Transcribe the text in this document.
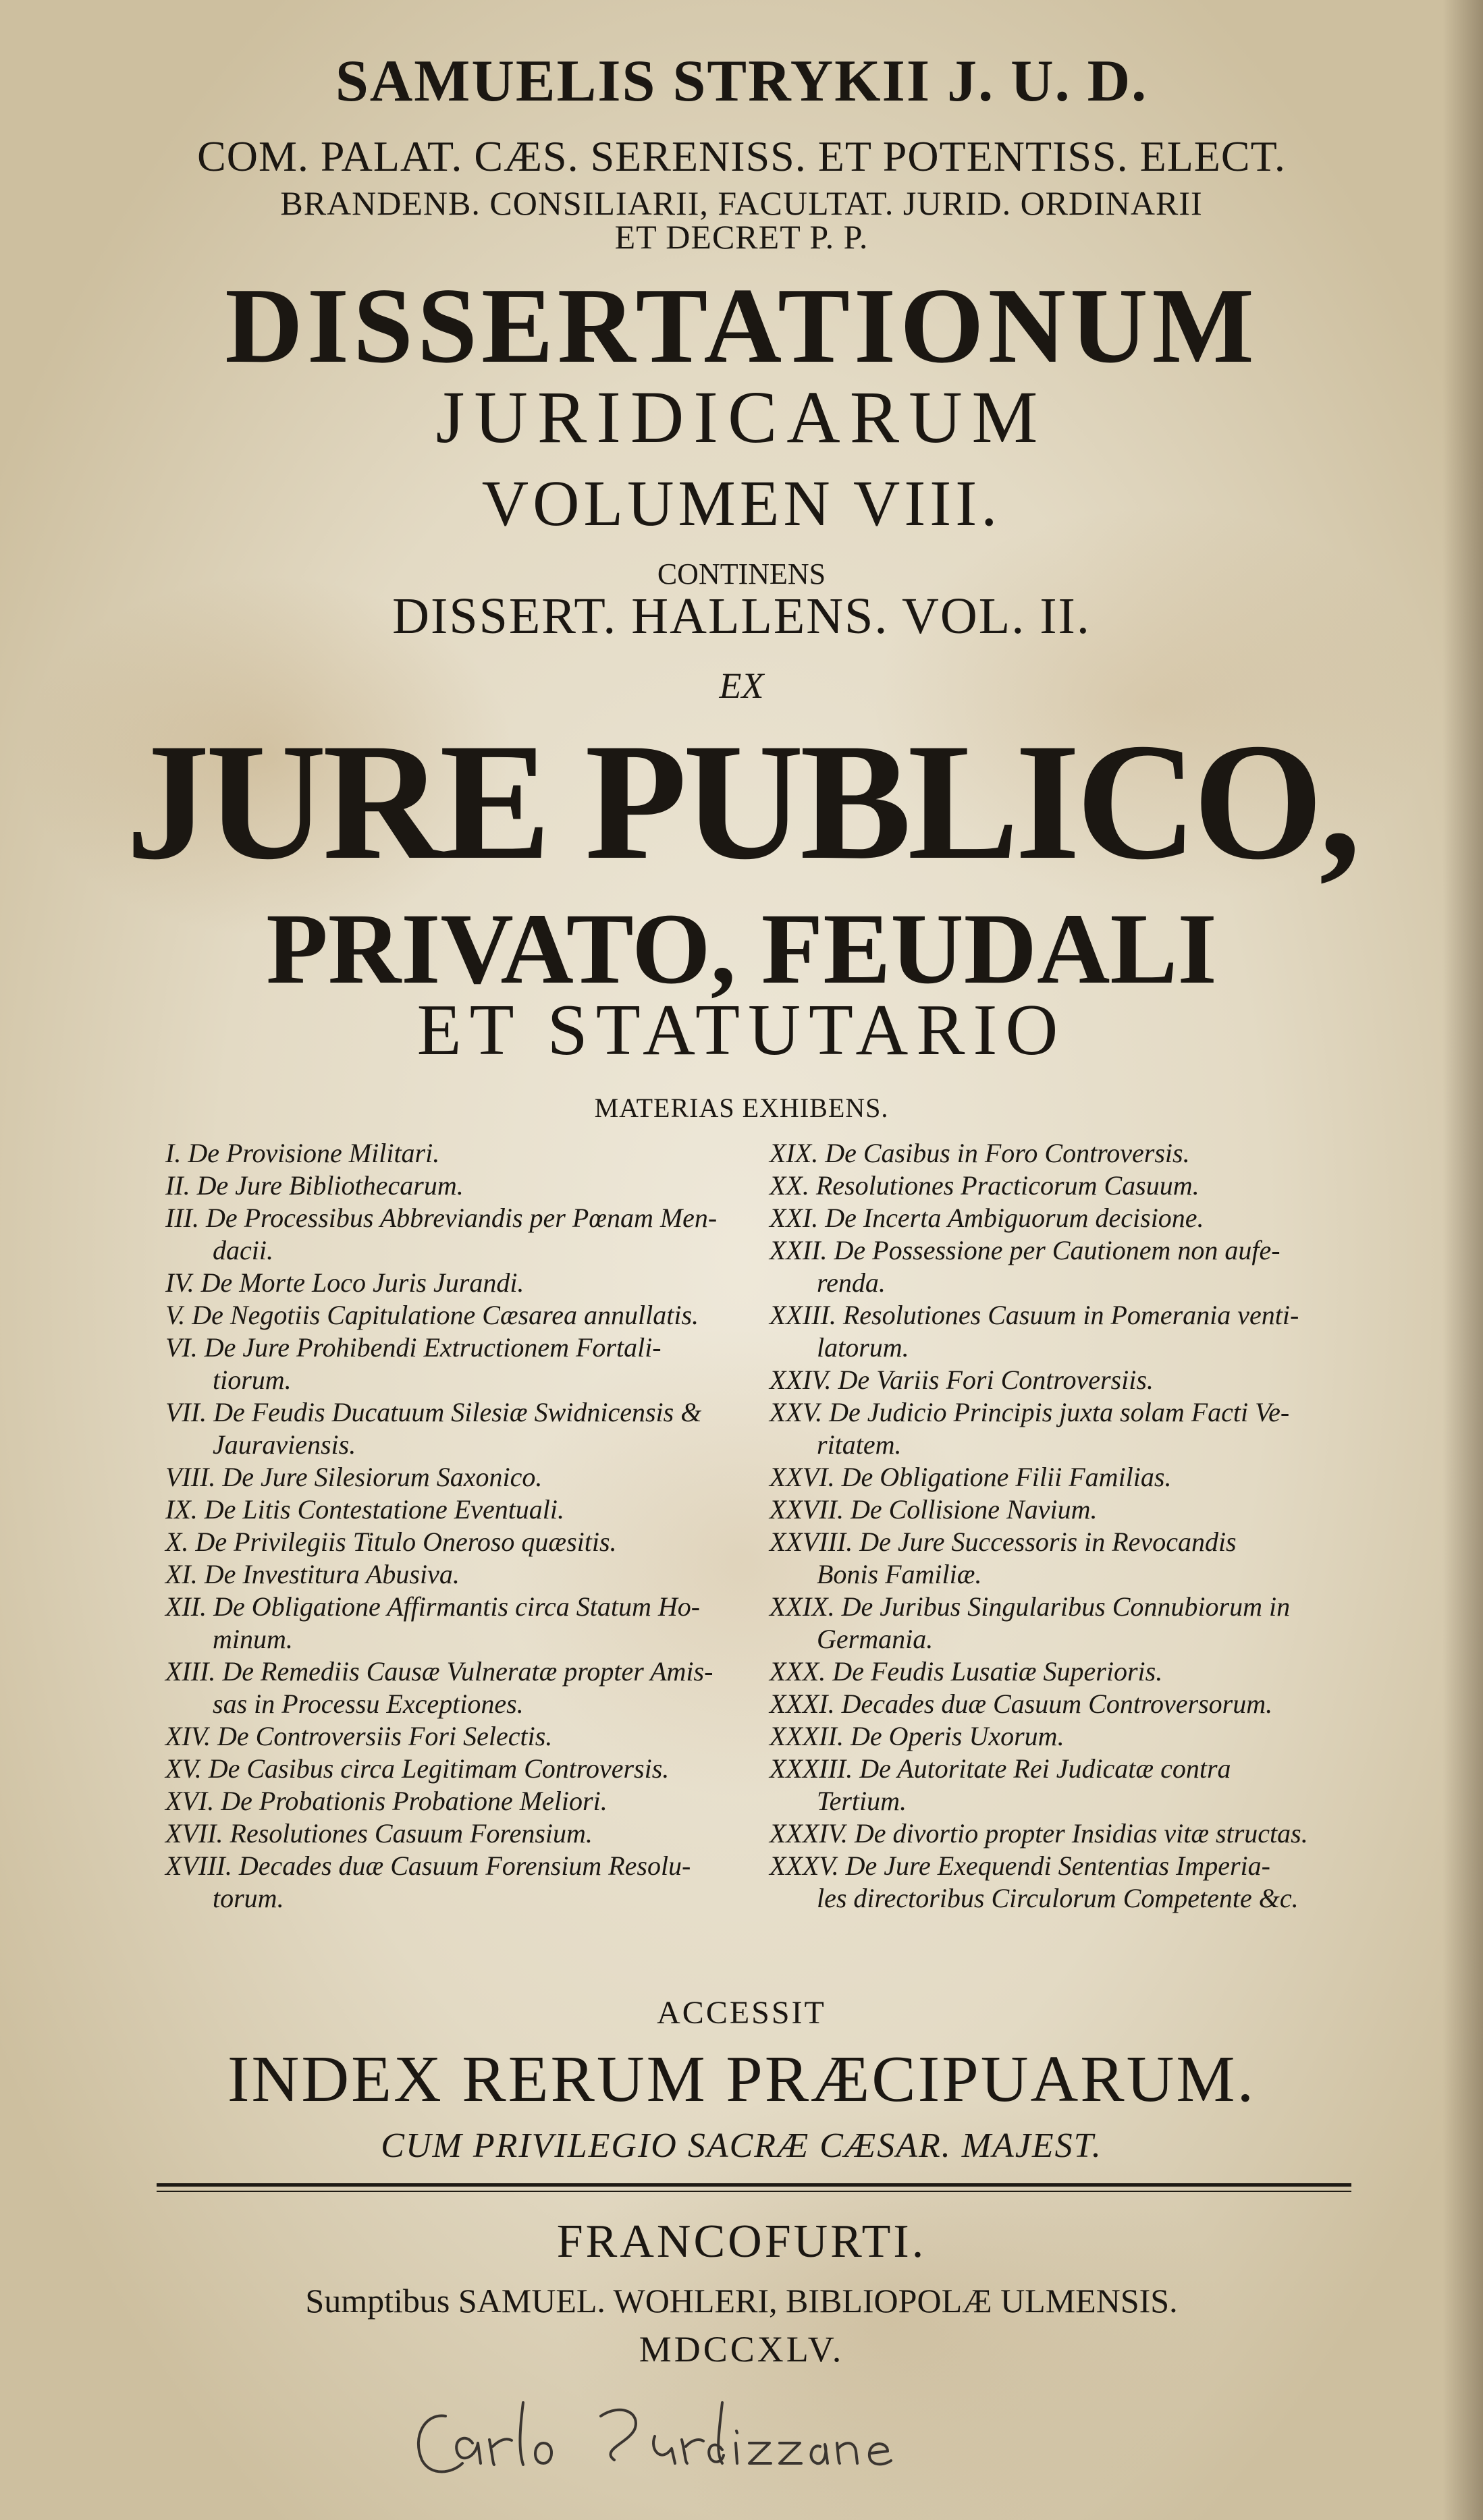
SAMUELIS STRYKII J. U. D.
COM. PALAT. CÆS. SERENISS. ET POTENTISS. ELECT.
BRANDENB. CONSILIARII, FACULTAT. JURID. ORDINARII
ET DECRET P. P.
DISSERTATIONUM
JURIDICARUM
VOLUMEN VIII.
CONTINENS
DISSERT. HALLENS. VOL. II.
EX
JURE PUBLICO,
PRIVATO, FEUDALI
ET STATUTARIO
MATERIAS EXHIBENS.
I. De Provisione Militari.
II. De Jure Bibliothecarum.
III. De Processibus Abbreviandis per Pœnam Men-
dacii.
IV. De Morte Loco Juris Jurandi.
V. De Negotiis Capitulatione Cæsarea annullatis.
VI. De Jure Prohibendi Extructionem Fortali-
tiorum.
VII. De Feudis Ducatuum Silesiæ Swidnicensis &
Jauraviensis.
VIII. De Jure Silesiorum Saxonico.
IX. De Litis Contestatione Eventuali.
X. De Privilegiis Titulo Oneroso quæsitis.
XI. De Investitura Abusiva.
XII. De Obligatione Affirmantis circa Statum Ho-
minum.
XIII. De Remediis Causæ Vulneratæ propter Amis-
sas in Processu Exceptiones.
XIV. De Controversiis Fori Selectis.
XV. De Casibus circa Legitimam Controversis.
XVI. De Probationis Probatione Meliori.
XVII. Resolutiones Casuum Forensium.
XVIII. Decades duæ Casuum Forensium Resolu-
torum.
XIX. De Casibus in Foro Controversis.
XX. Resolutiones Practicorum Casuum.
XXI. De Incerta Ambiguorum decisione.
XXII. De Possessione per Cautionem non aufe-
renda.
XXIII. Resolutiones Casuum in Pomerania venti-
latorum.
XXIV. De Variis Fori Controversiis.
XXV. De Judicio Principis juxta solam Facti Ve-
ritatem.
XXVI. De Obligatione Filii Familias.
XXVII. De Collisione Navium.
XXVIII. De Jure Successoris in Revocandis
Bonis Familiæ.
XXIX. De Juribus Singularibus Connubiorum in
Germania.
XXX. De Feudis Lusatiæ Superioris.
XXXI. Decades duæ Casuum Controversorum.
XXXII. De Operis Uxorum.
XXXIII. De Autoritate Rei Judicatæ contra
Tertium.
XXXIV. De divortio propter Insidias vitæ structas.
XXXV. De Jure Exequendi Sententias Imperia-
les directoribus Circulorum Competente &c.
ACCESSIT
INDEX RERUM PRÆCIPUARUM.
CUM PRIVILEGIO SACRÆ CÆSAR. MAJEST.
FRANCOFURTI.
Sumptibus SAMUEL. WOHLERI, BIBLIOPOLÆ ULMENSIS.
MDCCXLV.
